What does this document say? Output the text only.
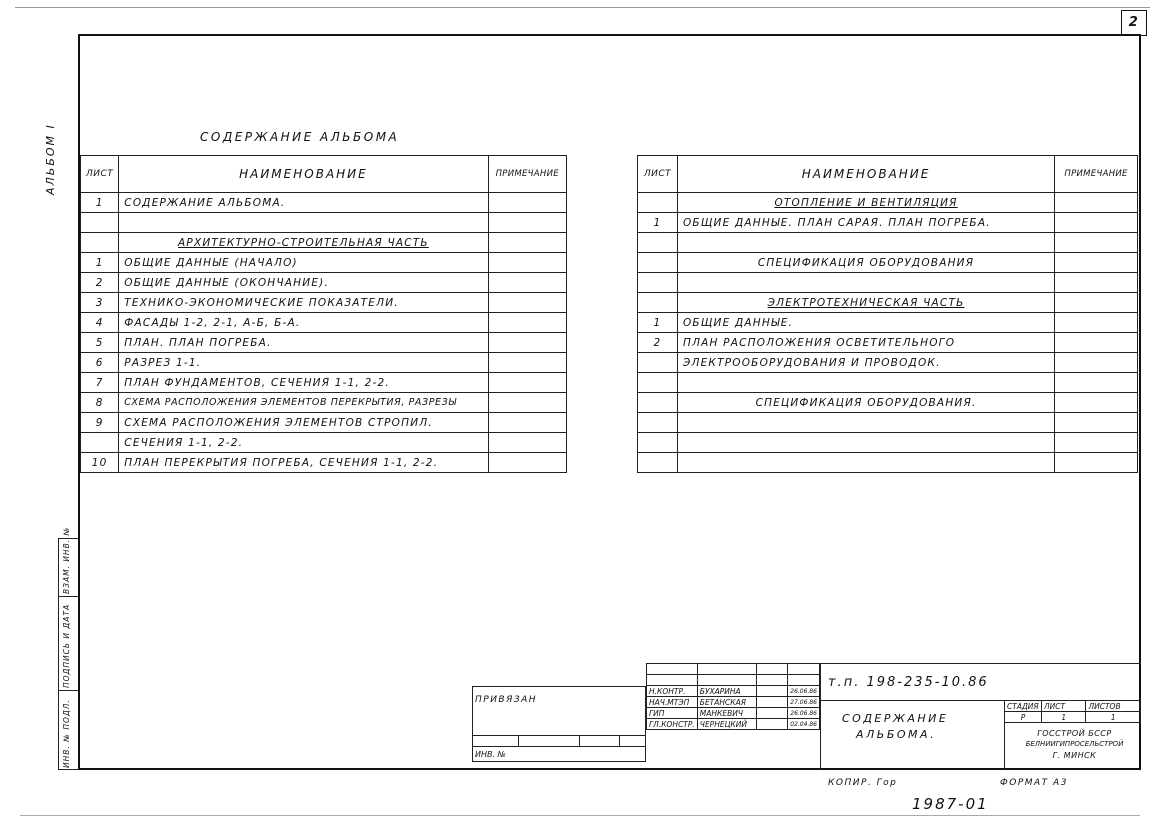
2
АЛЬБОМ I
ИНВ. № ПОДЛ.
ПОДПИСЬ И ДАТА
ВЗАМ. ИНВ. №
СОДЕРЖАНИЕ АЛЬБОМА
ЛИСТ	НАИМЕНОВАНИЕ	ПРИМЕЧАНИЕ
1	СОДЕРЖАНИЕ АЛЬБОМА.	

	АРХИТЕКТУРНО-СТРОИТЕЛЬНАЯ ЧАСТЬ	
1	ОБЩИЕ ДАННЫЕ (НАЧАЛО)	
2	ОБЩИЕ ДАННЫЕ (ОКОНЧАНИЕ).	
3	ТЕХНИКО-ЭКОНОМИЧЕСКИЕ ПОКАЗАТЕЛИ.	
4	ФАСАДЫ 1-2, 2-1, А-Б, Б-А.	
5	ПЛАН. ПЛАН ПОГРЕБА.	
6	РАЗРЕЗ 1-1.	
7	ПЛАН ФУНДАМЕНТОВ, СЕЧЕНИЯ 1-1, 2-2.	
8	СХЕМА РАСПОЛОЖЕНИЯ ЭЛЕМЕНТОВ ПЕРЕКРЫТИЯ, РАЗРЕЗЫ	
9	СХЕМА РАСПОЛОЖЕНИЯ ЭЛЕМЕНТОВ СТРОПИЛ.	
	СЕЧЕНИЯ 1-1, 2-2.	
10	ПЛАН ПЕРЕКРЫТИЯ ПОГРЕБА, СЕЧЕНИЯ 1-1, 2-2.	
ЛИСТ	НАИМЕНОВАНИЕ	ПРИМЕЧАНИЕ
	ОТОПЛЕНИЕ И ВЕНТИЛЯЦИЯ	
1	ОБЩИЕ ДАННЫЕ. ПЛАН САРАЯ. ПЛАН ПОГРЕБА.	

	СПЕЦИФИКАЦИЯ ОБОРУДОВАНИЯ	

	ЭЛЕКТРОТЕХНИЧЕСКАЯ ЧАСТЬ	
1	ОБЩИЕ ДАННЫЕ.	
2	ПЛАН РАСПОЛОЖЕНИЯ ОСВЕТИТЕЛЬНОГО	
	ЭЛЕКТРООБОРУДОВАНИЯ И ПРОВОДОК.	

	СПЕЦИФИКАЦИЯ ОБОРУДОВАНИЯ.	

ПРИВЯЗАН

ИНВ. №

Н.КОНТР.	БУХАРИНА		26.06.86
НАЧ.МТЭП	БЕТАНСКАЯ		27.06.86
ГИП	МАНКЕВИЧ		26.06.86
ГЛ.КОНСТР.	ЧЕРНЕЦКИЙ		02.04.86
т.п. 198-235-10.86
СОДЕРЖАНИЕ
АЛЬБОМА.
СТАДИЯ	ЛИСТ	ЛИСТОВ
Р	1	1
ГОССТРОЙ БССР
БЕЛНИИГИПРОСЕЛЬСТРОЙ
Г. МИНСК
КОПИР. Гор	ФОРМАТ А3
1987-01
